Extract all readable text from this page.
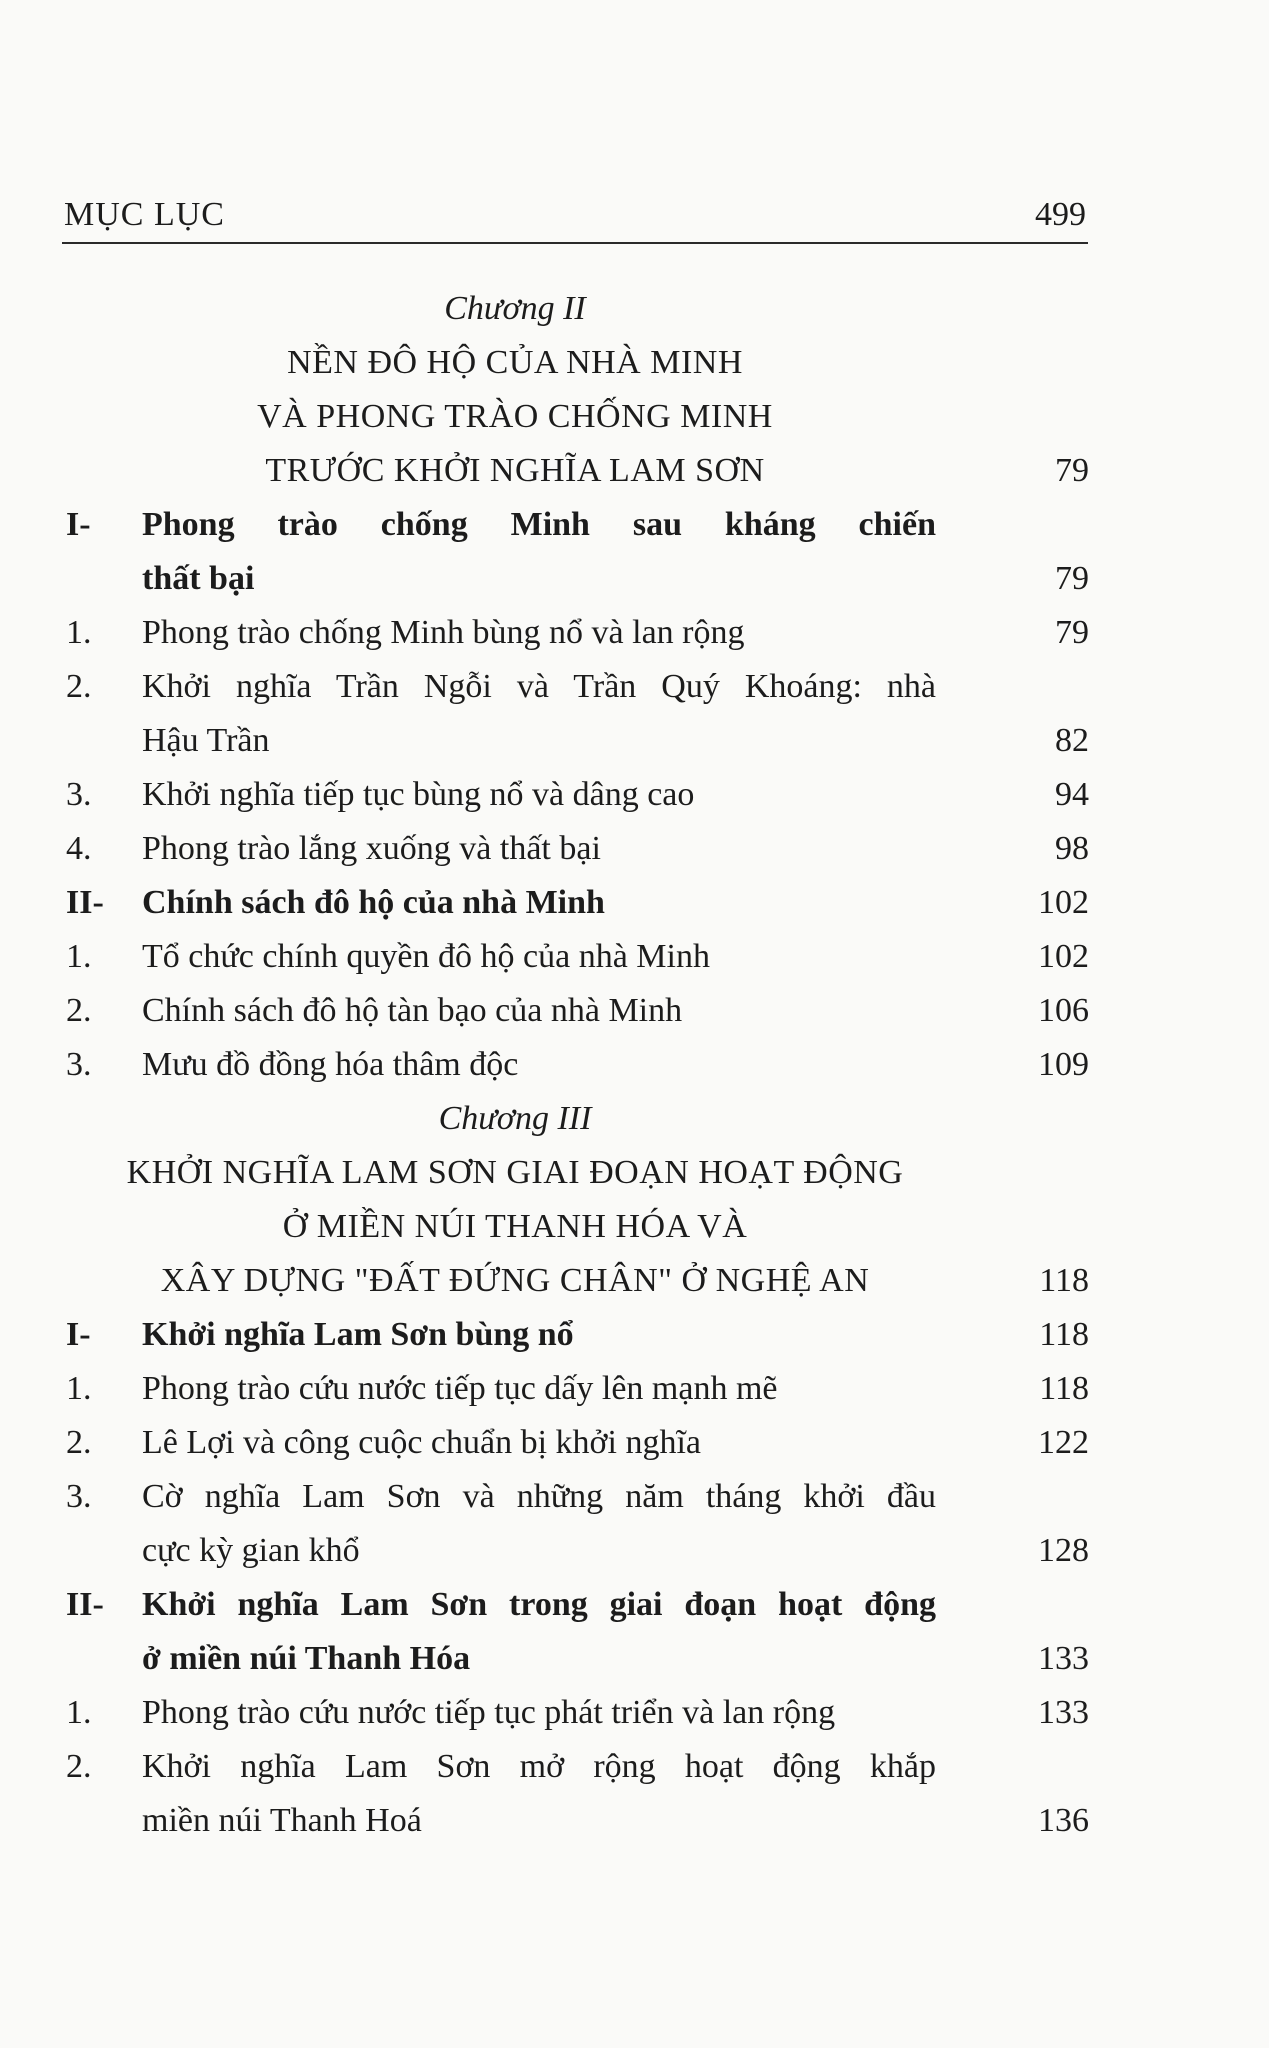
MỤC LỤC	499
Chương II
NỀN ĐÔ HỘ CỦA NHÀ MINH
VÀ PHONG TRÀO CHỐNG MINH
TRƯỚC KHỞI NGHĨA LAM SƠN	79
I- Phong trào chống Minh sau kháng chiến
thất bại	79
1. Phong trào chống Minh bùng nổ và lan rộng	79
2. Khởi nghĩa Trần Ngỗi và Trần Quý Khoáng: nhà
Hậu Trần	82
3. Khởi nghĩa tiếp tục bùng nổ và dâng cao	94
4. Phong trào lắng xuống và thất bại	98
II- Chính sách đô hộ của nhà Minh	102
1. Tổ chức chính quyền đô hộ của nhà Minh	102
2. Chính sách đô hộ tàn bạo của nhà Minh	106
3. Mưu đồ đồng hóa thâm độc	109
Chương III
KHỞI NGHĨA LAM SƠN GIAI ĐOẠN HOẠT ĐỘNG
Ở MIỀN NÚI THANH HÓA VÀ
XÂY DỰNG "ĐẤT ĐỨNG CHÂN" Ở NGHỆ AN	118
I- Khởi nghĩa Lam Sơn bùng nổ	118
1. Phong trào cứu nước tiếp tục dấy lên mạnh mẽ	118
2. Lê Lợi và công cuộc chuẩn bị khởi nghĩa	122
3. Cờ nghĩa Lam Sơn và những năm tháng khởi đầu
cực kỳ gian khổ	128
II- Khởi nghĩa Lam Sơn trong giai đoạn hoạt động
ở miền núi Thanh Hóa	133
1. Phong trào cứu nước tiếp tục phát triển và lan rộng	133
2. Khởi nghĩa Lam Sơn mở rộng hoạt động khắp
miền núi Thanh Hoá	136
